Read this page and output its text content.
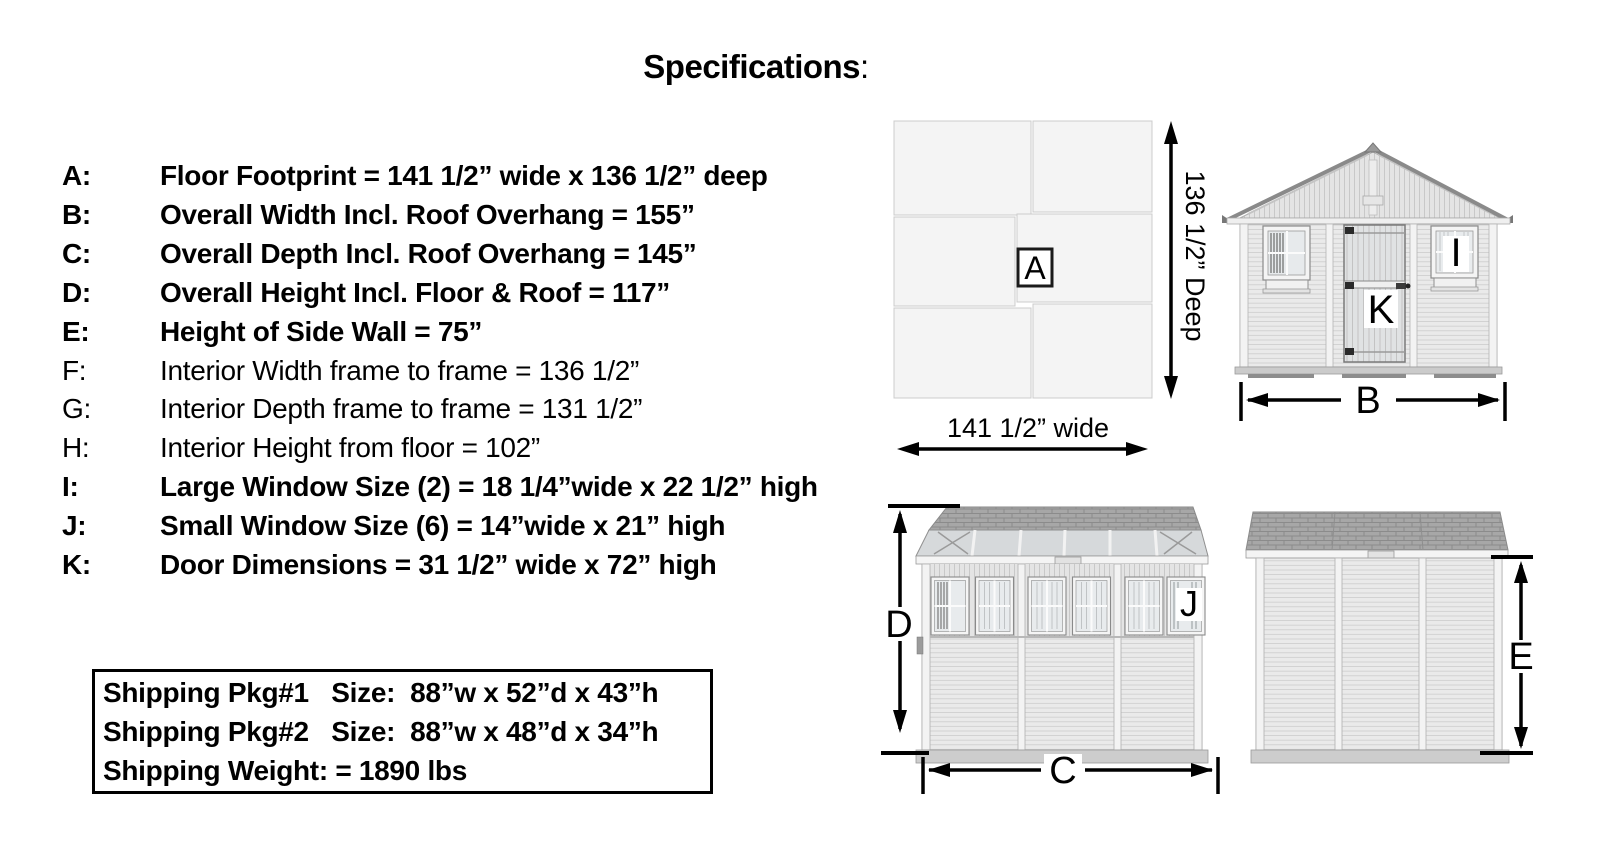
Specifications:
A:	Floor Footprint = 141 1/2” wide x 136 1/2” deep
B:	Overall Width Incl. Roof Overhang = 155”
C:	Overall Depth Incl. Roof Overhang = 145”
D:	Overall Height Incl. Floor & Roof = 117”
E:	Height of Side Wall = 75”
F:	Interior Width frame to frame = 136 1/2”
G:	Interior Depth frame to frame = 131 1/2”
H:	Interior Height from floor = 102”
I:	Large Window Size (2) = 18 1/4”wide x 22 1/2” high
J:	Small Window Size (6) = 14”wide x 21” high
K:	Door Dimensions = 31 1/2” wide x 72” high
Shipping Pkg#1   Size:  88”w x 52”d x 43”h
Shipping Pkg#2   Size:  88”w x 48”d x 34”h
Shipping Weight: = 1890 lbs
A	136 1/2” Deep
141 1/2” wide
K
I
B
J
D
C
E
